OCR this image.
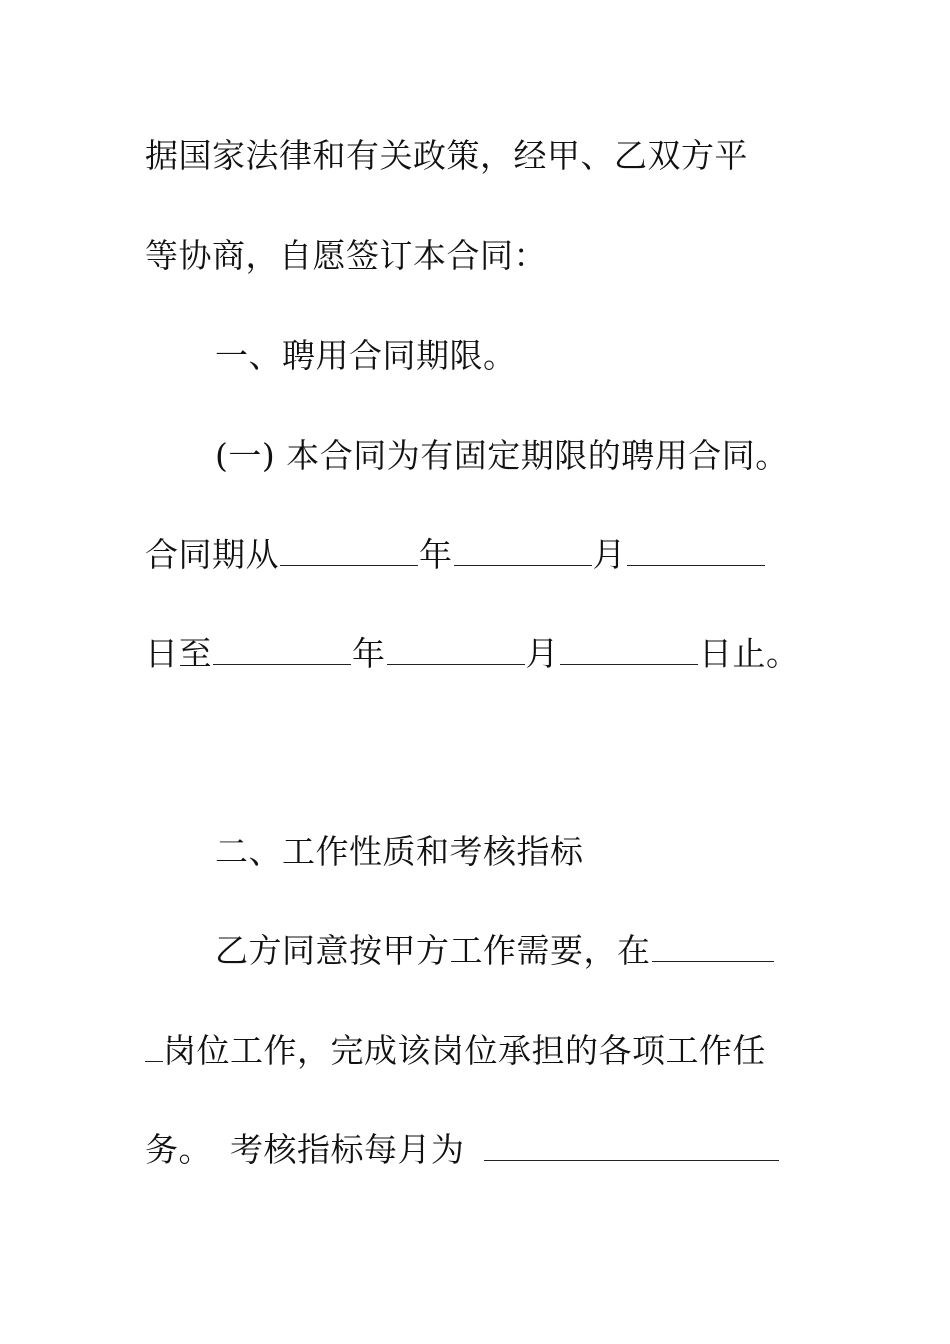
据国家法律和有关政策，经甲、乙双方平
等协商，自愿签订本合同：
一、聘用合同期限。
(一) 本合同为有固定期限的聘用合同。
合同期从	年	月
日至	年	月	日止。
二、工作性质和考核指标
乙方同意按甲方工作需要，在
岗位工作，完成该岗位承担的各项工作任
务。 考核指标每月为
